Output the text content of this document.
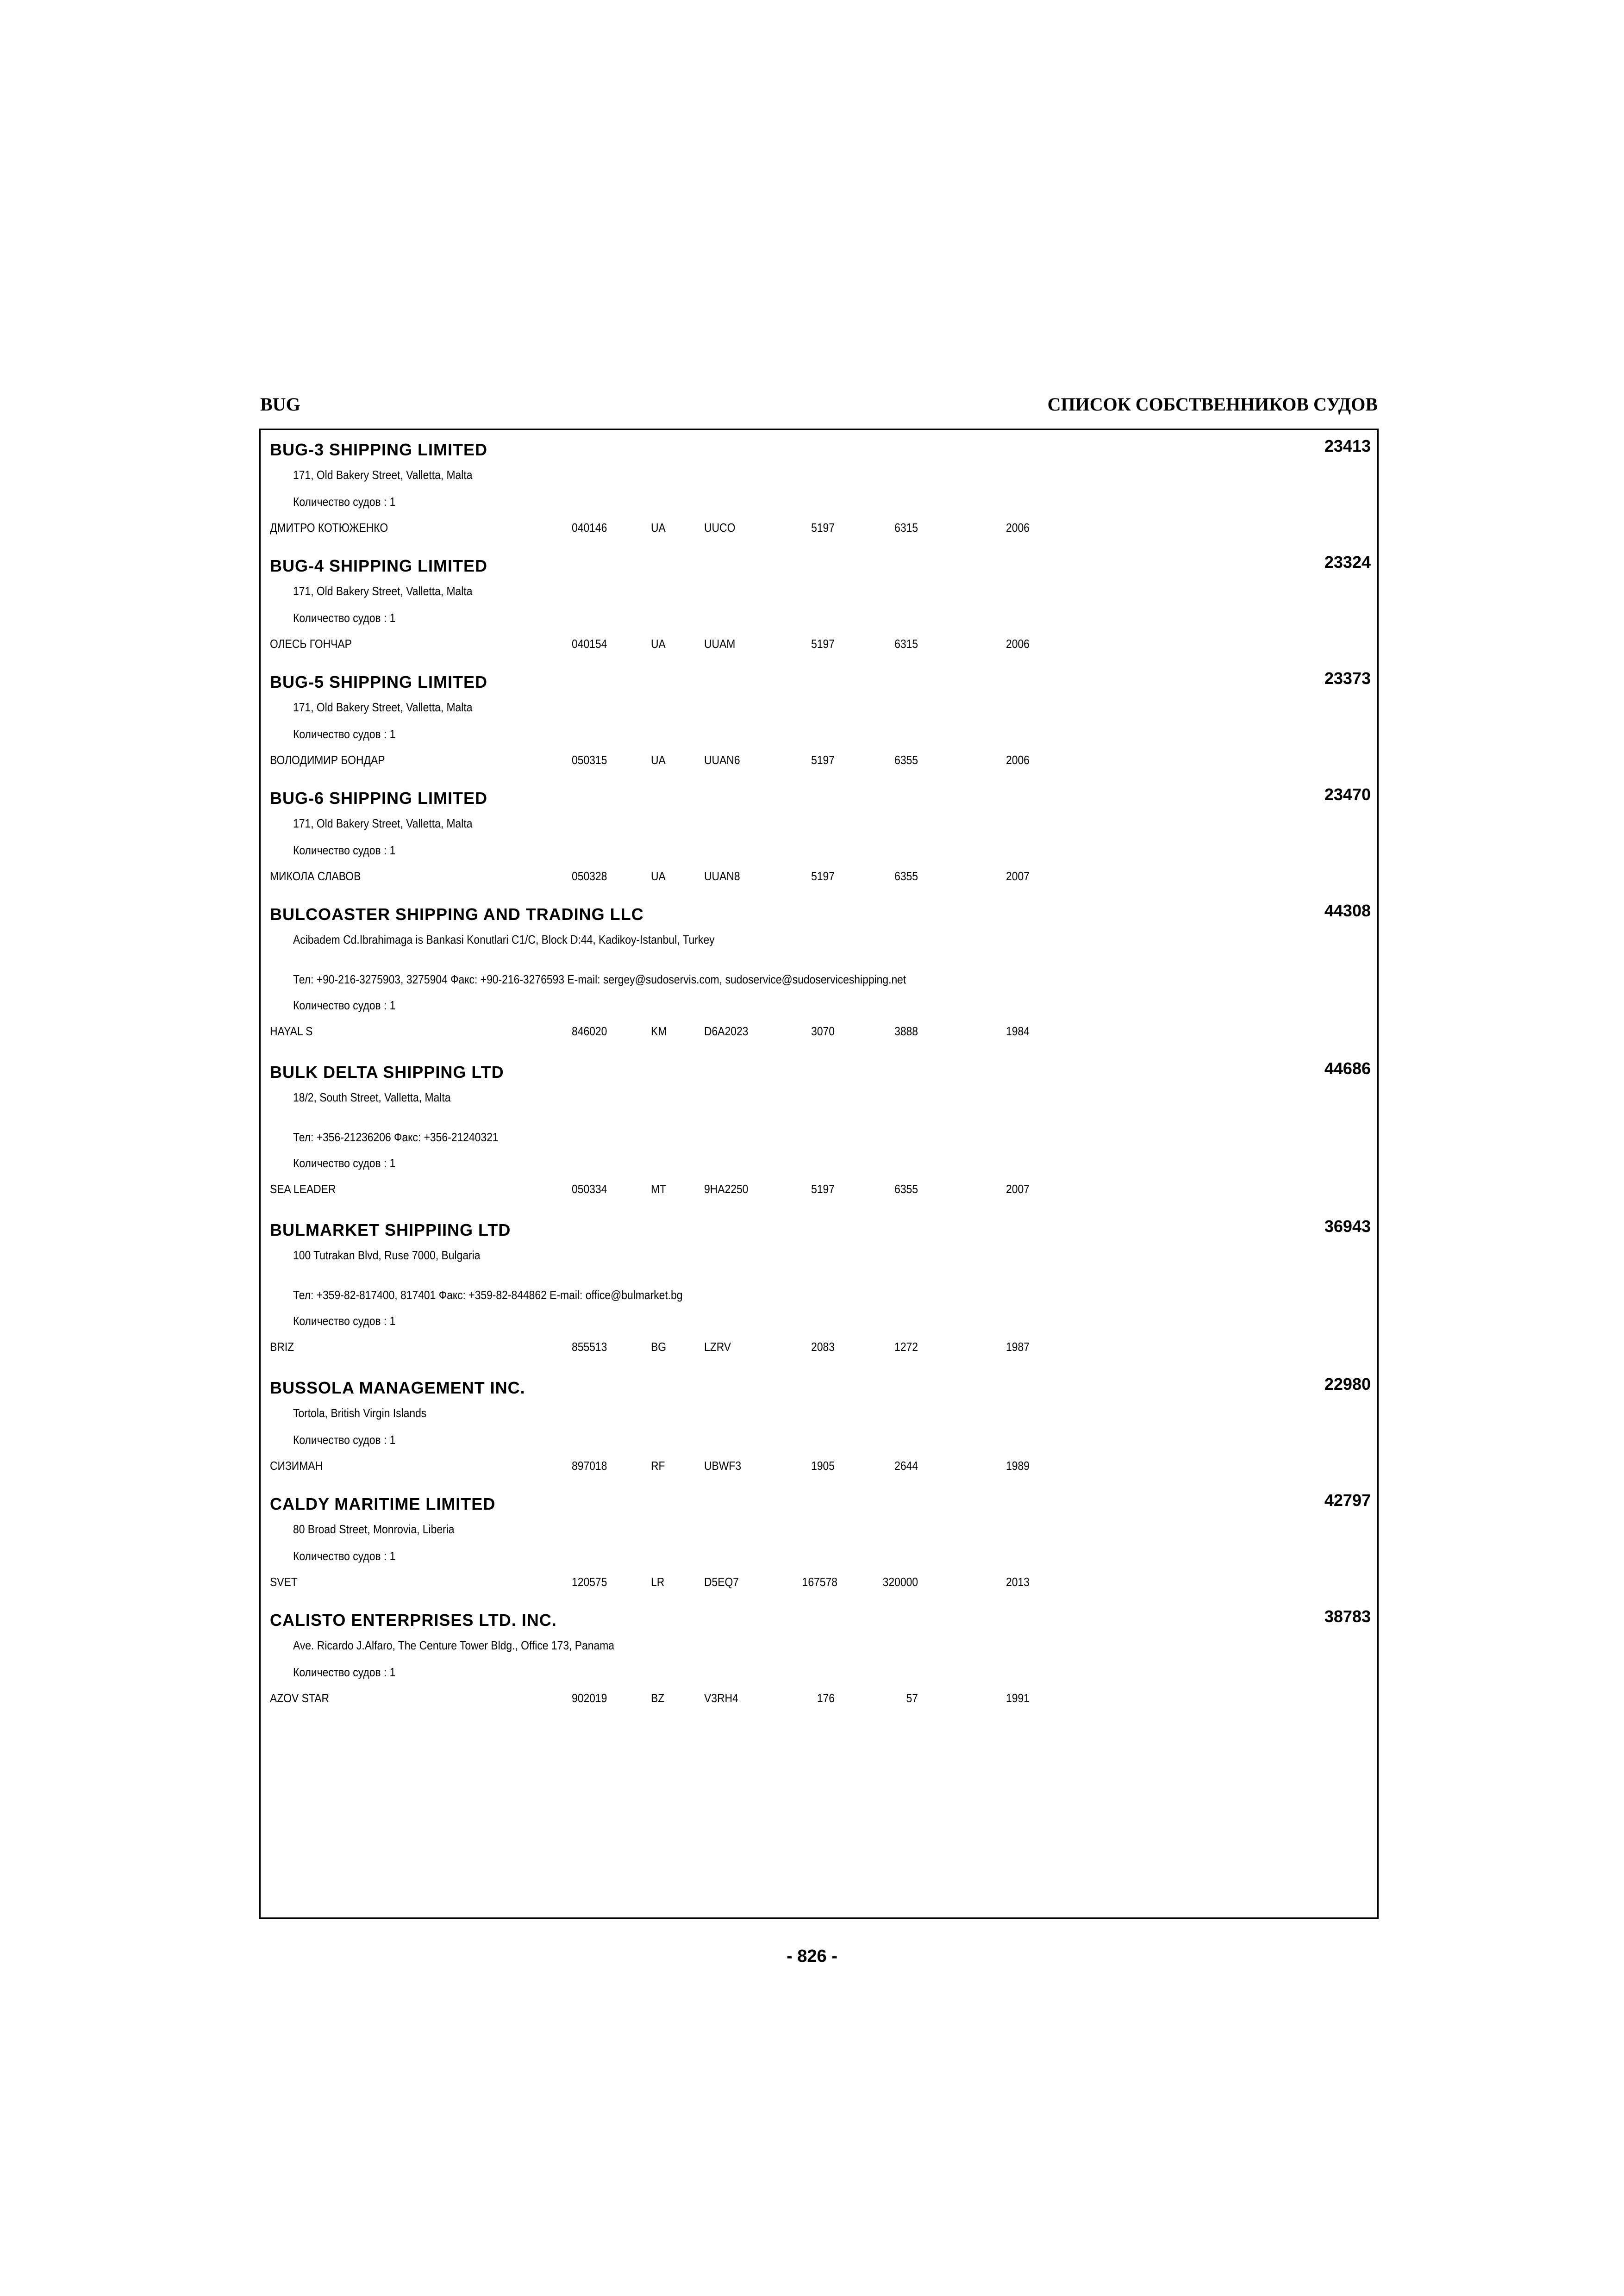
BUG	СПИСОК СОБСТВЕННИКОВ СУДОВ
BUG-3 SHIPPING LIMITED	23413
171, Old Bakery Street, Valletta, Malta
Количество судов : 1
ДМИТРО КОТЮЖЕНКО	040146	UA	UUCO	5197	6315	2006
BUG-4 SHIPPING LIMITED	23324
171, Old Bakery Street, Valletta, Malta
Количество судов : 1
ОЛЕСЬ ГОНЧАР	040154	UA	UUAM	5197	6315	2006
BUG-5 SHIPPING LIMITED	23373
171, Old Bakery Street, Valletta, Malta
Количество судов : 1
ВОЛОДИМИР БОНДАР	050315	UA	UUAN6	5197	6355	2006
BUG-6 SHIPPING LIMITED	23470
171, Old Bakery Street, Valletta, Malta
Количество судов : 1
МИКОЛА СЛАВОВ	050328	UA	UUAN8	5197	6355	2007
BULCOASTER SHIPPING AND TRADING LLC	44308
Acibadem Cd.Ibrahimaga is Bankasi Konutlari C1/C, Block D:44, Kadikoy-Istanbul, Turkey
Тел: +90-216-3275903, 3275904 Факс: +90-216-3276593 E-mail: sergey@sudoservis.com, sudoservice@sudoserviceshipping.net
Количество судов : 1
HAYAL S	846020	KM	D6A2023	3070	3888	1984
BULK DELTA SHIPPING LTD	44686
18/2, South Street, Valletta, Malta
Тел: +356-21236206 Факс: +356-21240321
Количество судов : 1
SEA LEADER	050334	MT	9HA2250	5197	6355	2007
BULMARKET SHIPPIING LTD	36943
100 Tutrakan Blvd, Ruse 7000, Bulgaria
Тел: +359-82-817400, 817401 Факс: +359-82-844862 E-mail: office@bulmarket.bg
Количество судов : 1
BRIZ	855513	BG	LZRV	2083	1272	1987
BUSSOLA MANAGEMENT INC.	22980
Tortola, British Virgin Islands
Количество судов : 1
СИЗИМАН	897018	RF	UBWF3	1905	2644	1989
CALDY MARITIME LIMITED	42797
80 Broad Street, Monrovia, Liberia
Количество судов : 1
SVET	120575	LR	D5EQ7	167578	320000	2013
CALISTO ENTERPRISES LTD. INC.	38783
Ave. Ricardo J.Alfaro, The Centure Tower Bldg., Office 173, Panama
Количество судов : 1
AZOV STAR	902019	BZ	V3RH4	176	57	1991
- 826 -
